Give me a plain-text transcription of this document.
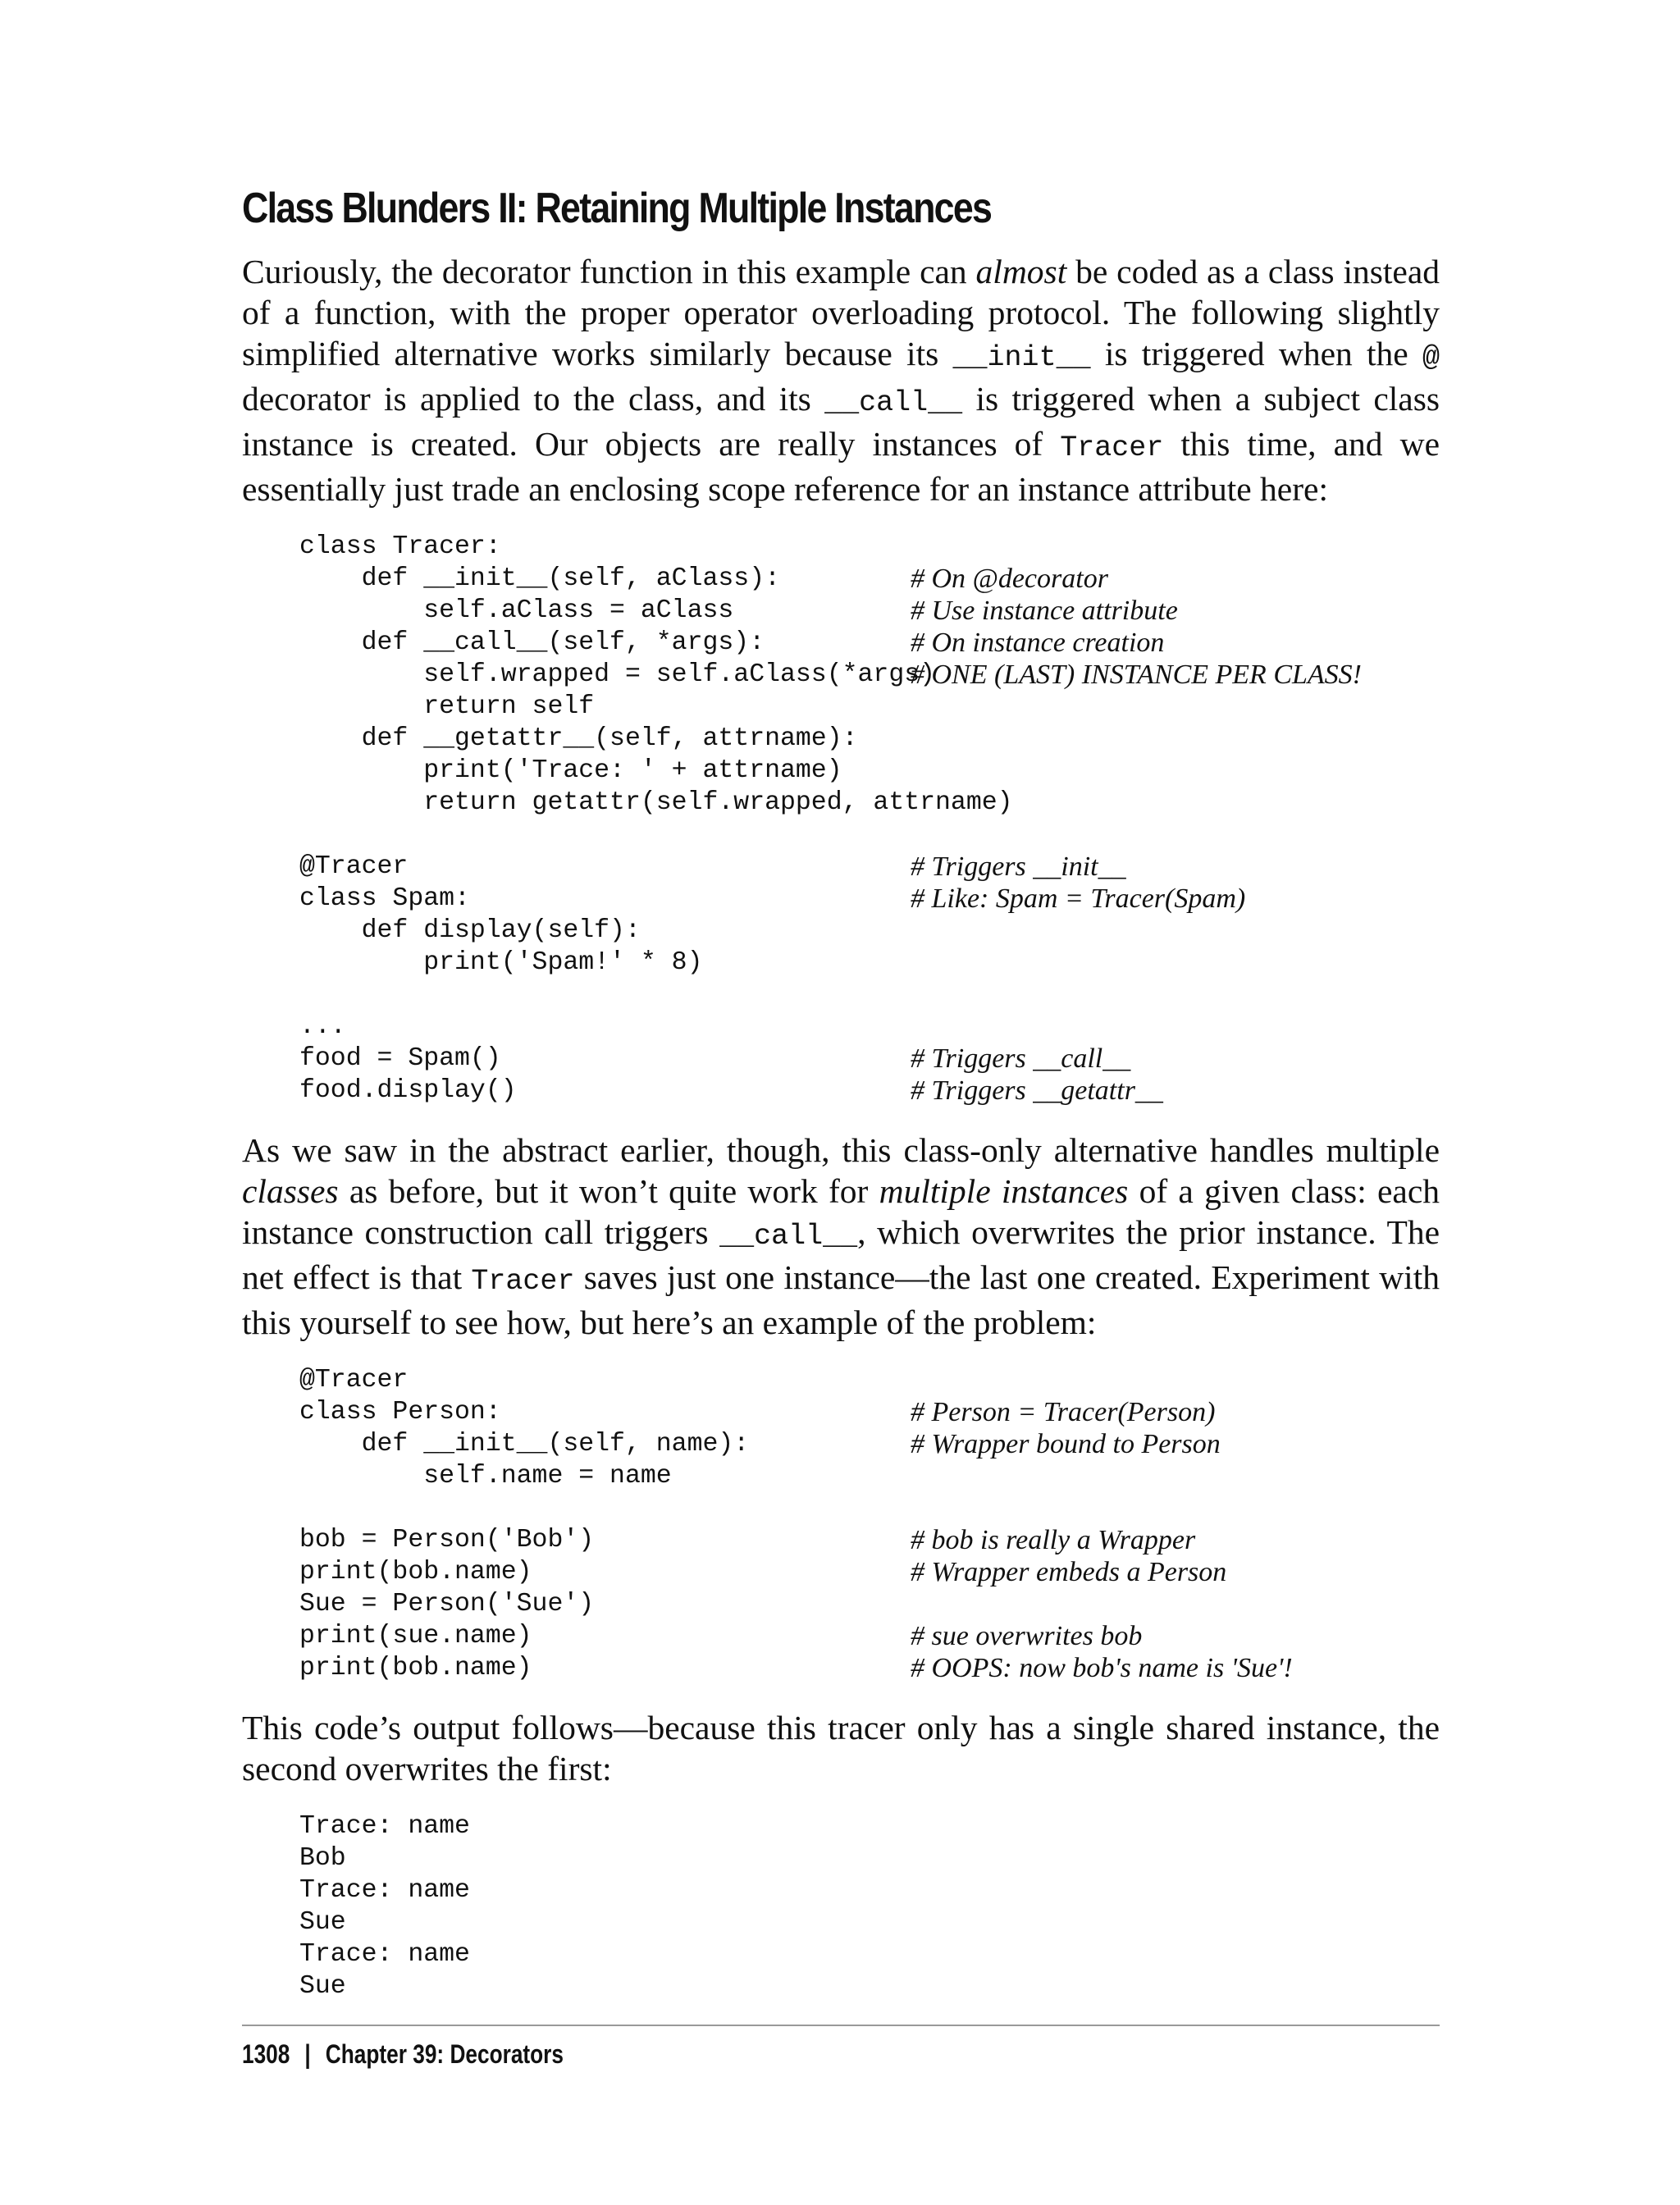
Class Blunders II: Retaining Multiple Instances

Curiously, the decorator function in this example can almost be coded as a class instead of a function, with the proper operator overloading protocol. The following slightly simplified alternative works similarly because its __init__ is triggered when the @ decorator is applied to the class, and its __call__ is triggered when a subject class instance is created. Our objects are really instances of Tracer this time, and we essentially just trade an enclosing scope reference for an instance attribute here:

class Tracer:
def __init__(self, aClass):	# On @decorator
self.aClass = aClass	# Use instance attribute
def __call__(self, *args):	# On instance creation
self.wrapped = self.aClass(*args)
# ONE (LAST) INSTANCE PER CLASS!
return self
def __getattr__(self, attrname):
print('Trace: ' + attrname)
return getattr(self.wrapped, attrname)
@Tracer	# Triggers __init__
class Spam:	# Like: Spam = Tracer(Spam)
def display(self):
print('Spam!' * 8)
...
food = Spam()	# Triggers __call__
food.display()	# Triggers __getattr__

As we saw in the abstract earlier, though, this class-only alternative handles multiple classes as before, but it won’t quite work for multiple instances of a given class: each instance construction call triggers __call__, which overwrites the prior instance. The net effect is that Tracer saves just one instance—the last one created. Experiment with this yourself to see how, but here’s an example of the problem:

@Tracer
class Person:	# Person = Tracer(Person)
def __init__(self, name):	# Wrapper bound to Person
self.name = name
bob = Person('Bob')	# bob is really a Wrapper
print(bob.name)	# Wrapper embeds a Person
Sue = Person('Sue')
print(sue.name)	# sue overwrites bob
print(bob.name)	# OOPS: now bob's name is 'Sue'!

This code’s output follows—because this tracer only has a single shared instance, the second overwrites the first:

Trace: name
Bob
Trace: name
Sue
Trace: name
Sue
1308 | Chapter 39: Decorators
